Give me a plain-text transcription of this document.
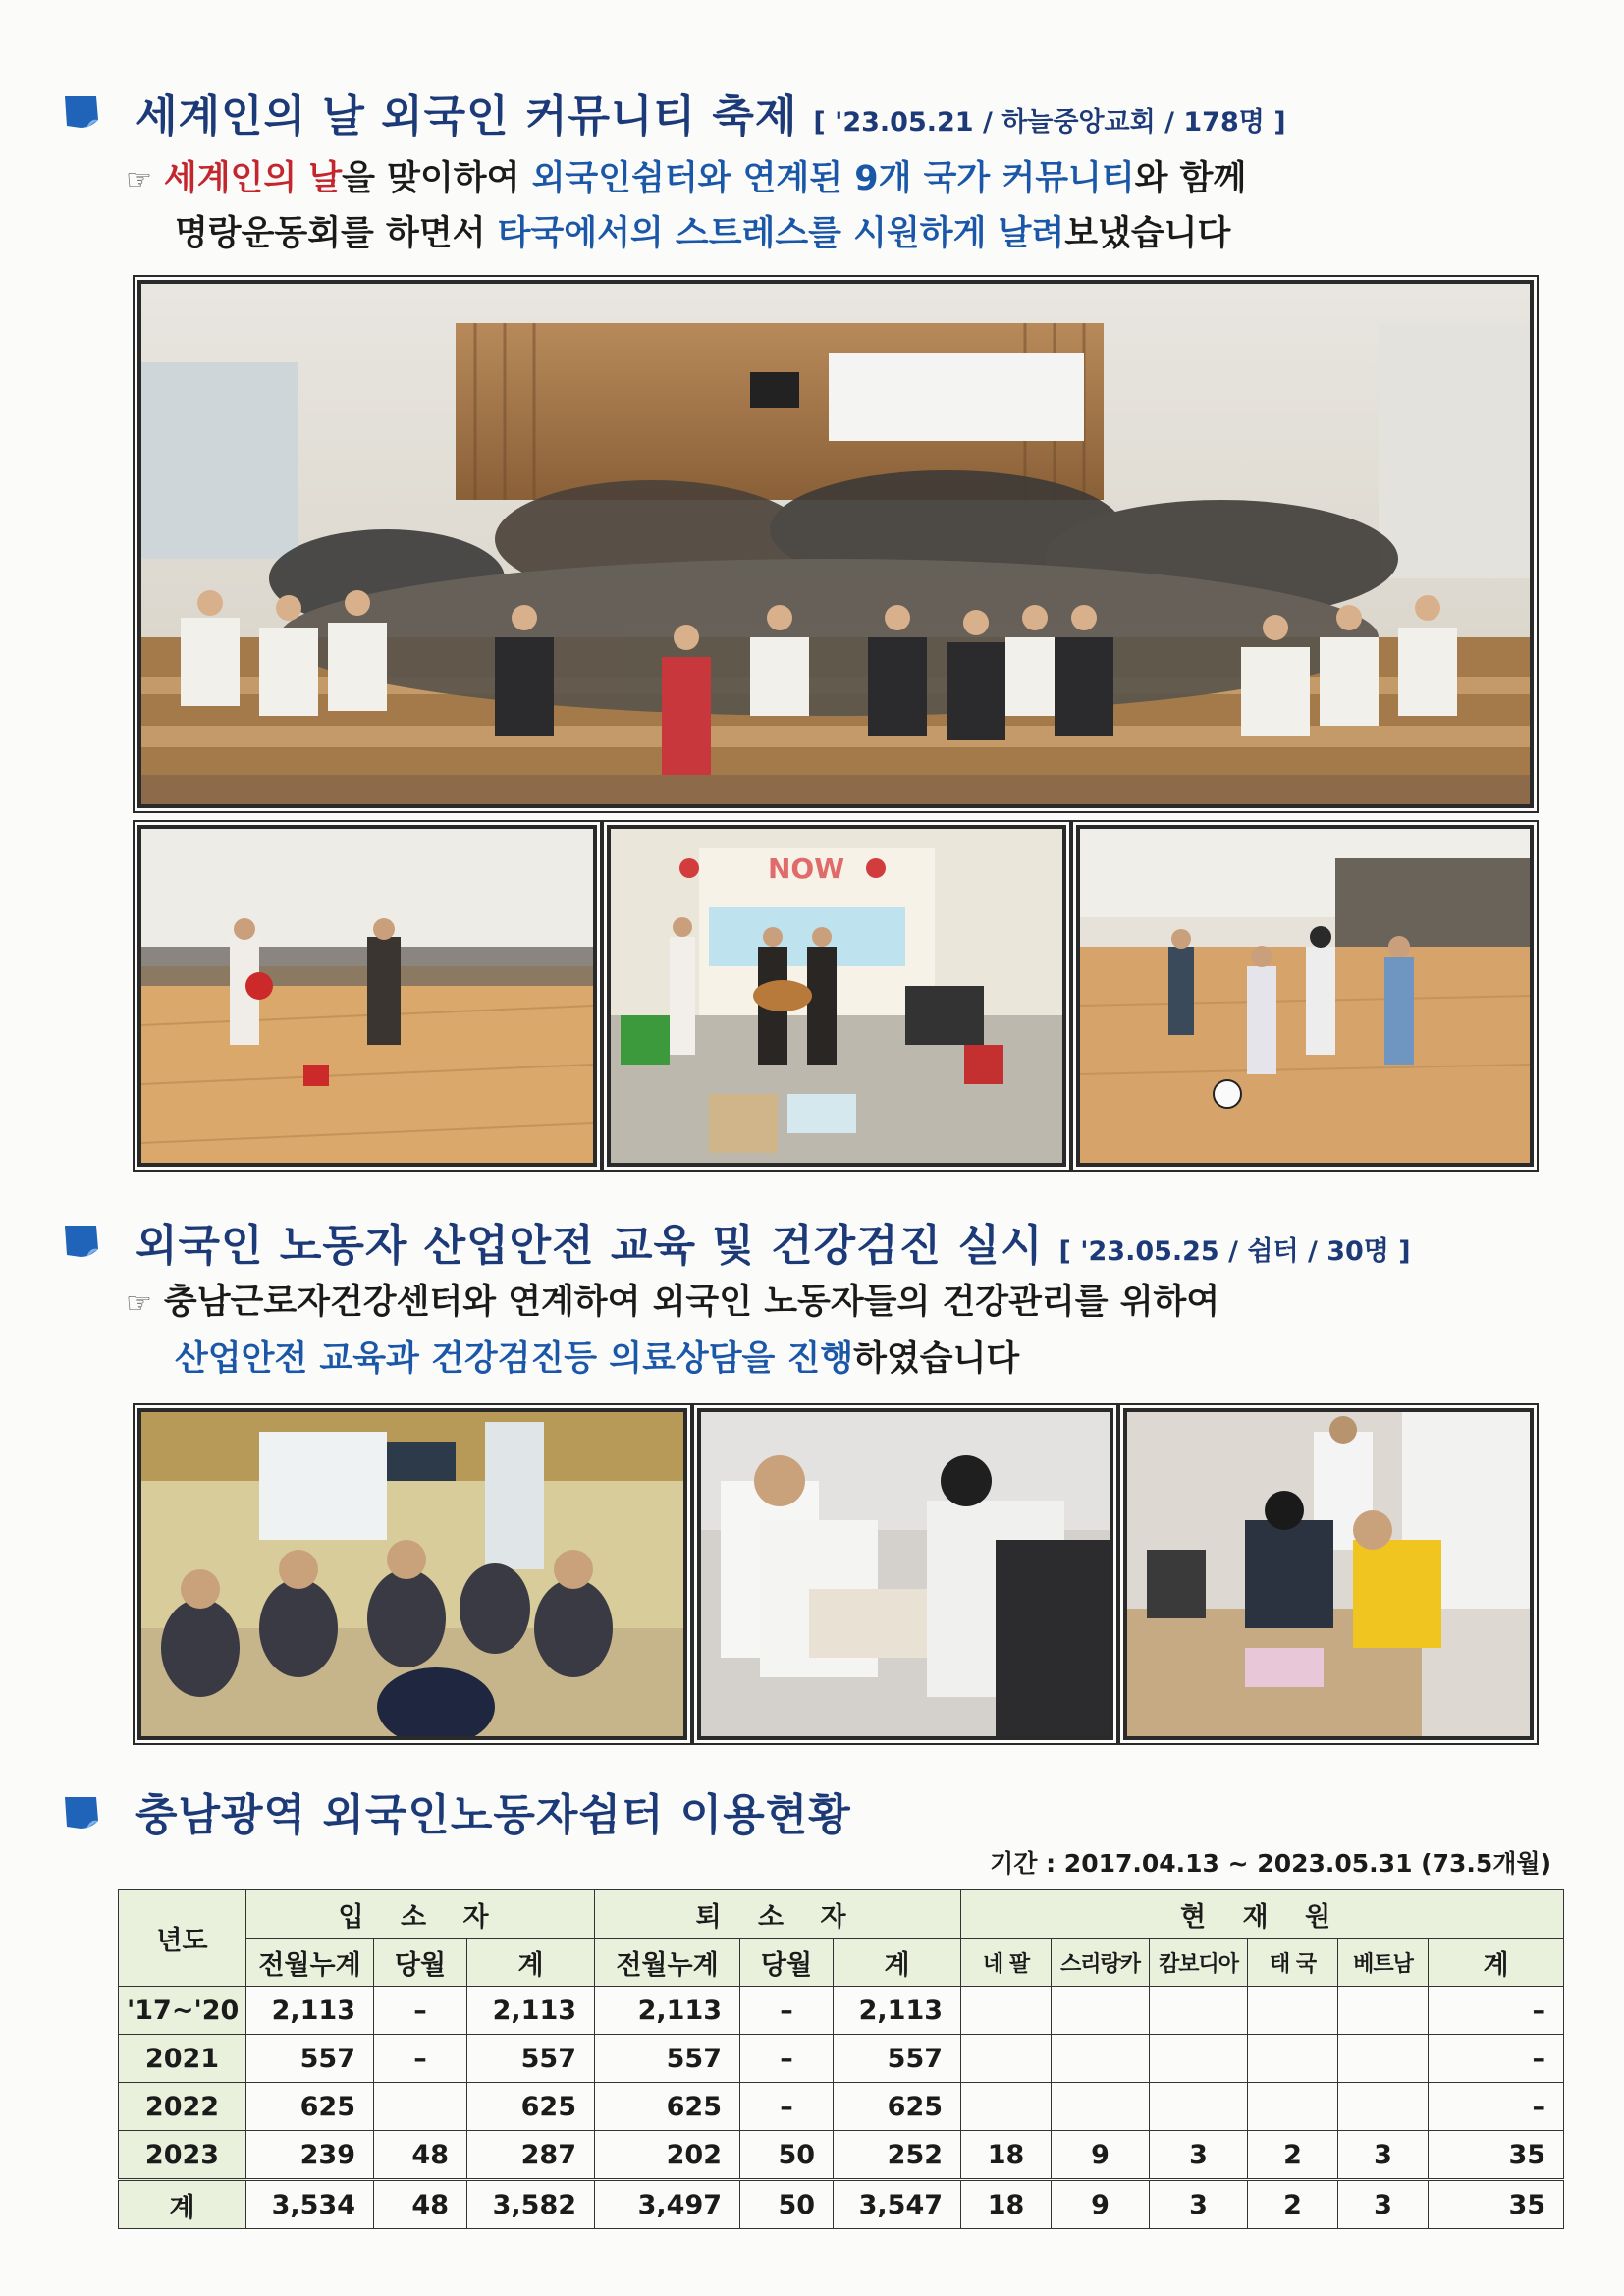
세계인의 날 외국인 커뮤니티 축제 [ '23.05.21 / 하늘중앙교회 / 178명 ]
☞ 세계인의 날을 맞이하여 외국인쉼터와 연계된 9개 국가 커뮤니티와 함께
명랑운동회를 하면서 타국에서의 스트레스를 시원하게 날려보냈습니다
NOW
외국인 노동자 산업안전 교육 및 건강검진 실시 [ '23.05.25 / 쉼터 / 30명 ]
☞ 충남근로자건강센터와 연계하여 외국인 노동자들의 건강관리를 위하여
산업안전 교육과 건강검진등 의료상담을 진행하였습니다
충남광역 외국인노동자쉼터 이용현황
기간 : 2017.04.13 ~ 2023.05.31 (73.5개월)
년도	입 소 자			퇴 소 자			현 재 원					
	전월누계	당월	계	전월누계	당월	계	네 팔	스리랑카	캄보디아	태 국	베트남	계
'17~'20	2,113	–	2,113	2,113	–	2,113						–
2021	557	–	557	557	–	557						–
2022	625		625	625	–	625						–
2023	239	48	287	202	50	252	18	9	3	2	3	35
계	3,534	48	3,582	3,497	50	3,547	18	9	3	2	3	35
